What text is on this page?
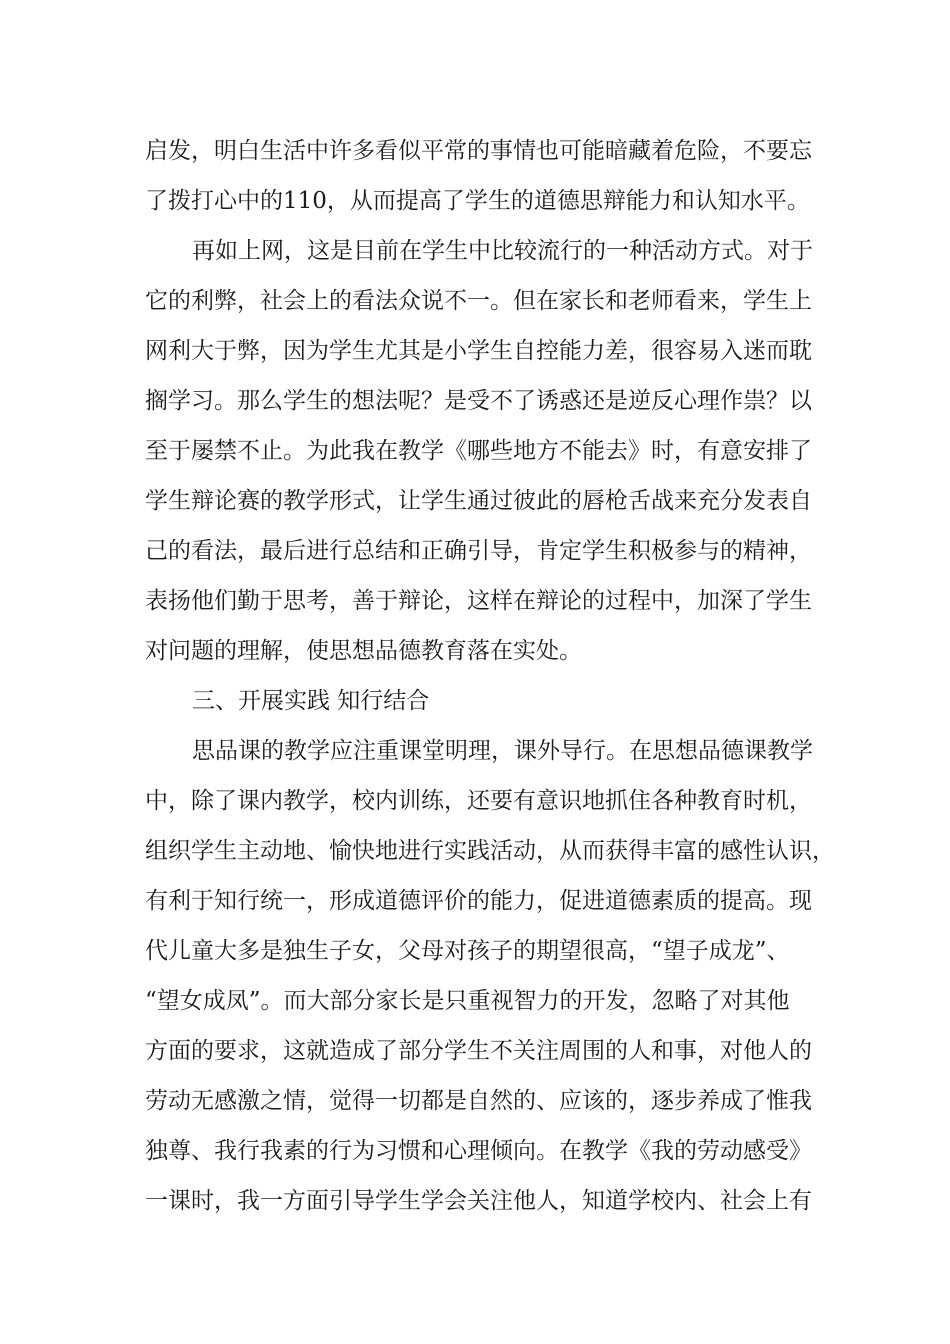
启发，明白生活中许多看似平常的事情也可能暗藏着危险，不要忘
了拨打心中的110，从而提高了学生的道德思辩能力和认知水平。
再如上网，这是目前在学生中比较流行的一种活动方式。对于
它的利弊，社会上的看法众说不一。但在家长和老师看来，学生上
网利大于弊，因为学生尤其是小学生自控能力差，很容易入迷而耽
搁学习。那么学生的想法呢？是受不了诱惑还是逆反心理作祟？以
至于屡禁不止。为此我在教学《哪些地方不能去》时，有意安排了
学生辩论赛的教学形式，让学生通过彼此的唇枪舌战来充分发表自
己的看法，最后进行总结和正确引导，肯定学生积极参与的精神，
表扬他们勤于思考，善于辩论，这样在辩论的过程中，加深了学生
对问题的理解，使思想品德教育落在实处。
三、开展实践 知行结合
思品课的教学应注重课堂明理，课外导行。在思想品德课教学
中，除了课内教学，校内训练，还要有意识地抓住各种教育时机，
组织学生主动地、愉快地进行实践活动，从而获得丰富的感性认识，
有利于知行统一，形成道德评价的能力，促进道德素质的提高。现
代儿童大多是独生子女，父母对孩子的期望很高，“望子成龙”、
“望女成凤”。而大部分家长是只重视智力的开发，忽略了对其他
方面的要求，这就造成了部分学生不关注周围的人和事，对他人的
劳动无感激之情，觉得一切都是自然的、应该的，逐步养成了惟我
独尊、我行我素的行为习惯和心理倾向。在教学《我的劳动感受》
一课时，我一方面引导学生学会关注他人，知道学校内、社会上有
